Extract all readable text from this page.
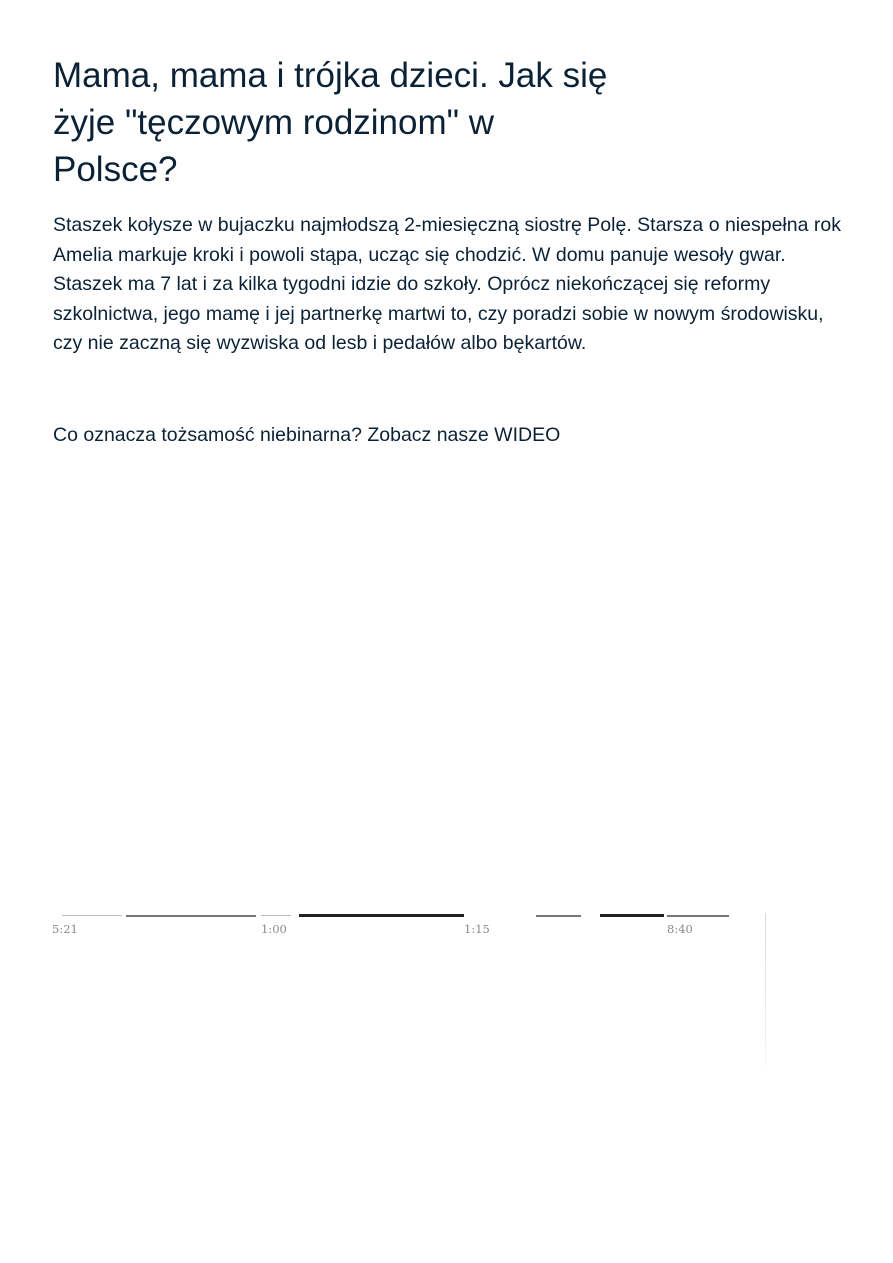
Mama, mama i trójka dzieci. Jak się żyje "tęczowym rodzinom" w Polsce?

Staszek kołysze w bujaczku najmłodszą 2-miesięczną siostrę Polę. Starsza o niespełna rok Amelia markuje kroki i powoli stąpa, ucząc się chodzić. W domu panuje wesoły gwar. Staszek ma 7 lat i za kilka tygodni idzie do szkoły. Oprócz niekończącej się reformy szkolnictwa, jego mamę i jej partnerkę martwi to, czy poradzi sobie w nowym środowisku, czy nie zaczną się wyzwiska od lesb i pedałów albo bękartów.

Co oznacza tożsamość niebinarna? Zobacz nasze WIDEO
5:21	1:00	1:15	8:40
